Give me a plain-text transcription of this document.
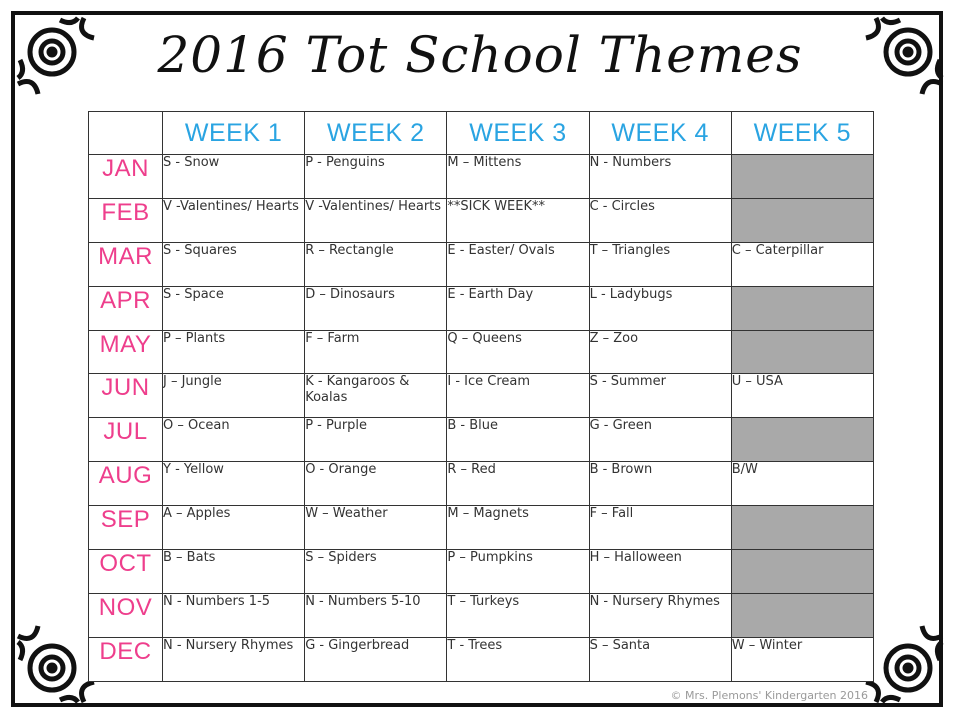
2016 Tot School Themes
	WEEK 1	WEEK 2	WEEK 3	WEEK 4	WEEK 5
JAN	S - Snow	P - Penguins	M – Mittens	N - Numbers	
FEB	V -Valentines/ Hearts	V -Valentines/ Hearts	**SICK WEEK**	C - Circles	
MAR	S - Squares	R – Rectangle	E - Easter/ Ovals	T – Triangles	C – Caterpillar
APR	S - Space	D – Dinosaurs	E - Earth Day	L - Ladybugs	
MAY	P – Plants	F – Farm	Q – Queens	Z – Zoo	
JUN	J – Jungle	K - Kangaroos & Koalas	I - Ice Cream	S - Summer	U – USA
JUL	O – Ocean	P - Purple	B - Blue	G - Green	
AUG	Y - Yellow	O - Orange	R – Red	B - Brown	B/W
SEP	A – Apples	W – Weather	M – Magnets	F – Fall	
OCT	B – Bats	S – Spiders	P – Pumpkins	H – Halloween	
NOV	N - Numbers 1-5	N - Numbers 5-10	T – Turkeys	N - Nursery Rhymes	
DEC	N - Nursery Rhymes	G - Gingerbread	T - Trees	S – Santa	W – Winter
© Mrs. Plemons' Kindergarten 2016
